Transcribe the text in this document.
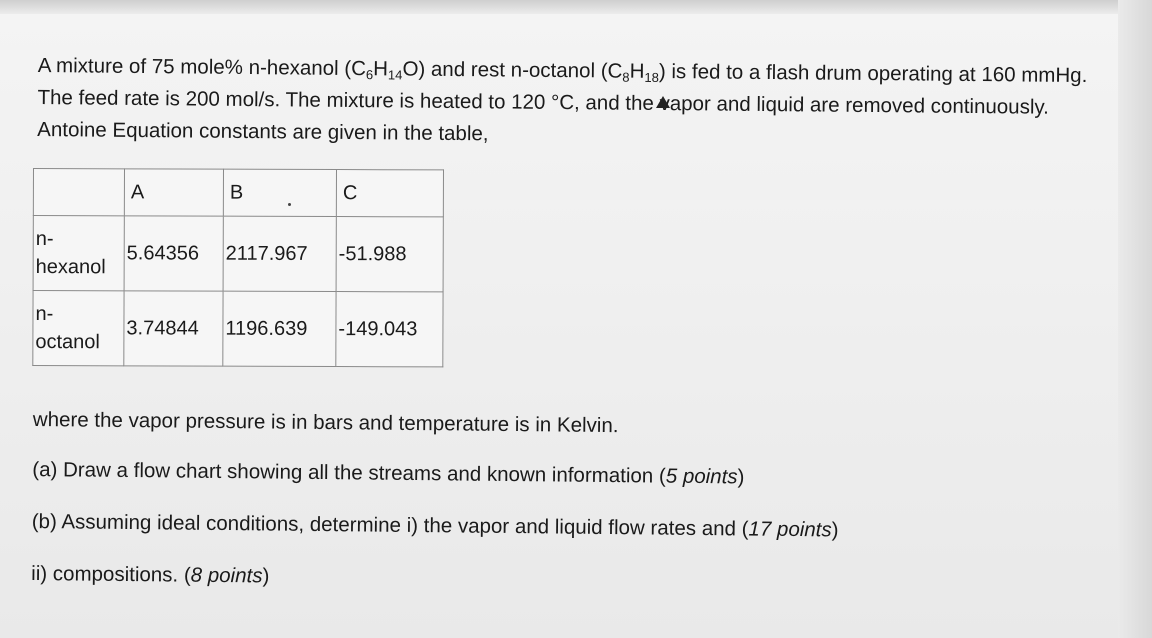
A mixture of 75 mole% n-hexanol $(C_6H_{14}O)$ and rest n-octanol $(C_8H_{18})$ is fed to a flash drum operating at 160 mmHg. The feed rate is 200 mol/s. The mixture is heated to 120 °C, and the vapor and liquid are removed continuously. Antoine Equation constants are given in the table,
	A	B	C
n-
hexanol	5.64356	2117.967	-51.988
n-
octanol	3.74844	1196.639	-149.043

where the vapor pressure is in bars and temperature is in Kelvin.

(a) Draw a flow chart showing all the streams and known information (5 points)

(b) Assuming ideal conditions, determine i) the vapor and liquid flow rates and (17 points)

ii) compositions. (8 points)
